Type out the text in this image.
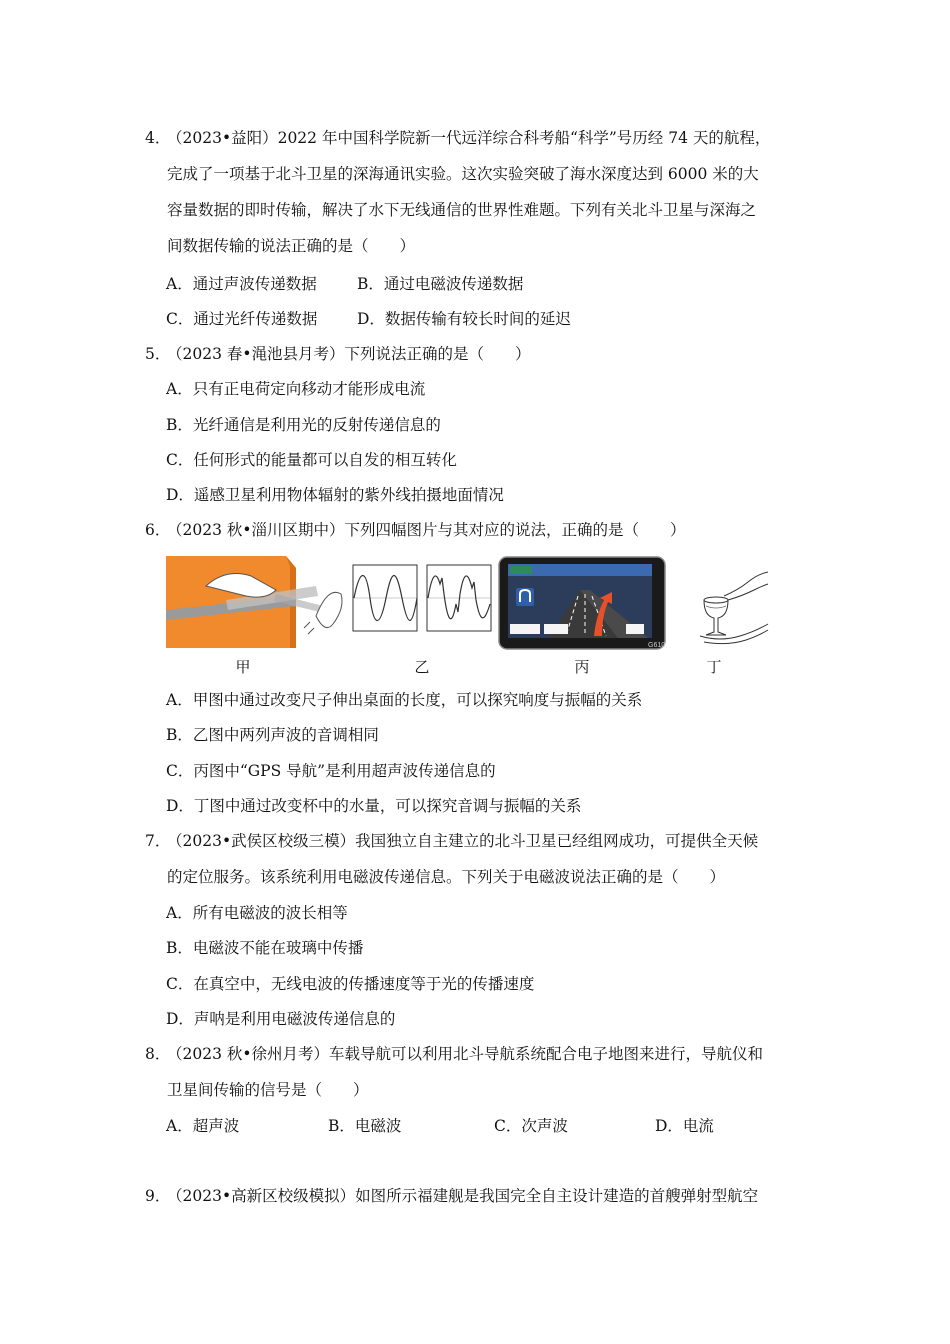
4．（2023•益阳）2022 年中国科学院新一代远洋综合科考船“科学”号历经 74 天的航程，
完成了一项基于北斗卫星的深海通讯实验。这次实验突破了海水深度达到 6000 米的大
容量数据的即时传输，解决了水下无线通信的世界性难题。下列有关北斗卫星与深海之
间数据传输的说法正确的是（　　）
A．通过声波传递数据	B．通过电磁波传递数据
C．通过光纤传递数据	D．数据传输有较长时间的延迟
5．（2023 春•渑池县月考）下列说法正确的是（　　）
A．只有正电荷定向移动才能形成电流
B．光纤通信是利用光的反射传递信息的
C．任何形式的能量都可以自发的相互转化
D．遥感卫星利用物体辐射的紫外线拍摄地面情况
6．（2023 秋•淄川区期中）下列四幅图片与其对应的说法，正确的是（　　）
甲	乙
G610
丙	丁
A．甲图中通过改变尺子伸出桌面的长度，可以探究响度与振幅的关系
B．乙图中两列声波的音调相同
C．丙图中“GPS 导航”是利用超声波传递信息的
D．丁图中通过改变杯中的水量，可以探究音调与振幅的关系
7．（2023•武侯区校级三模）我国独立自主建立的北斗卫星已经组网成功，可提供全天候
的定位服务。该系统利用电磁波传递信息。下列关于电磁波说法正确的是（　　）
A．所有电磁波的波长相等
B．电磁波不能在玻璃中传播
C．在真空中，无线电波的传播速度等于光的传播速度
D．声呐是利用电磁波传递信息的
8．（2023 秋•徐州月考）车载导航可以利用北斗导航系统配合电子地图来进行，导航仪和
卫星间传输的信号是（　　）
A．超声波	B．电磁波	C．次声波	D．电流
9．（2023•高新区校级模拟）如图所示福建舰是我国完全自主设计建造的首艘弹射型航空
